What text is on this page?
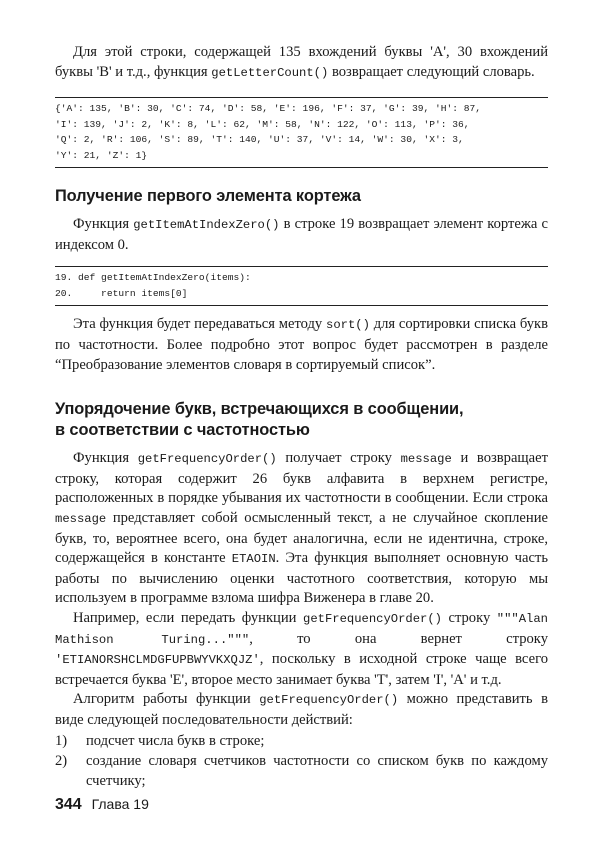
Для этой строки, содержащей 135 вхождений буквы 'A', 30 вхождений буквы 'B' и т.д., функция getLetterCount() возвращает следующий словарь.

{'A': 135, 'B': 30, 'C': 74, 'D': 58, 'E': 196, 'F': 37, 'G': 39, 'H': 87,
'I': 139, 'J': 2, 'K': 8, 'L': 62, 'M': 58, 'N': 122, 'O': 113, 'P': 36,
'Q': 2, 'R': 106, 'S': 89, 'T': 140, 'U': 37, 'V': 14, 'W': 30, 'X': 3,
'Y': 21, 'Z': 1}
Получение первого элемента кортежа

Функция getItemAtIndexZero() в строке 19 возвращает элемент кортежа с индексом 0.

19. def getItemAtIndexZero(items):
20.     return items[0]

Эта функция будет передаваться методу sort() для сортировки списка букв по частотности. Более подробно этот вопрос будет рассмотрен в разделе “Преобразование элементов словаря в сортируемый список”.

Упорядочение букв, встречающихся в сообщении,
в соответствии с частотностью

Функция getFrequencyOrder() получает строку message и возвращает строку, которая содержит 26 букв алфавита в верхнем регистре, расположенных в порядке убывания их частотности в сообщении. Если строка message представляет собой осмысленный текст, а не случайное скопление букв, то, вероятнее всего, она будет аналогична, если не идентична, строке, содержащейся в константе ETAOIN. Эта функция выполняет основную часть работы по вычислению оценки частотного соответствия, которую мы используем в программе взлома шифра Виженера в главе 20.

Например, если передать функции getFrequencyOrder() строку """Alan Mathison Turing...""", то она вернет строку 'ETIANORSHCLMDGFUPBWYVKXQJZ', поскольку в исходной строке чаще всего встречается буква 'E', второе место занимает буква 'T', затем 'I', 'A' и т.д.

Алгоритм работы функции getFrequencyOrder() можно представить в виде следующей последовательности действий:

1)	подсчет числа букв в строке;
2)	создание словаря счетчиков частотности со списком букв по каждому счетчику;
344 Глава 19
